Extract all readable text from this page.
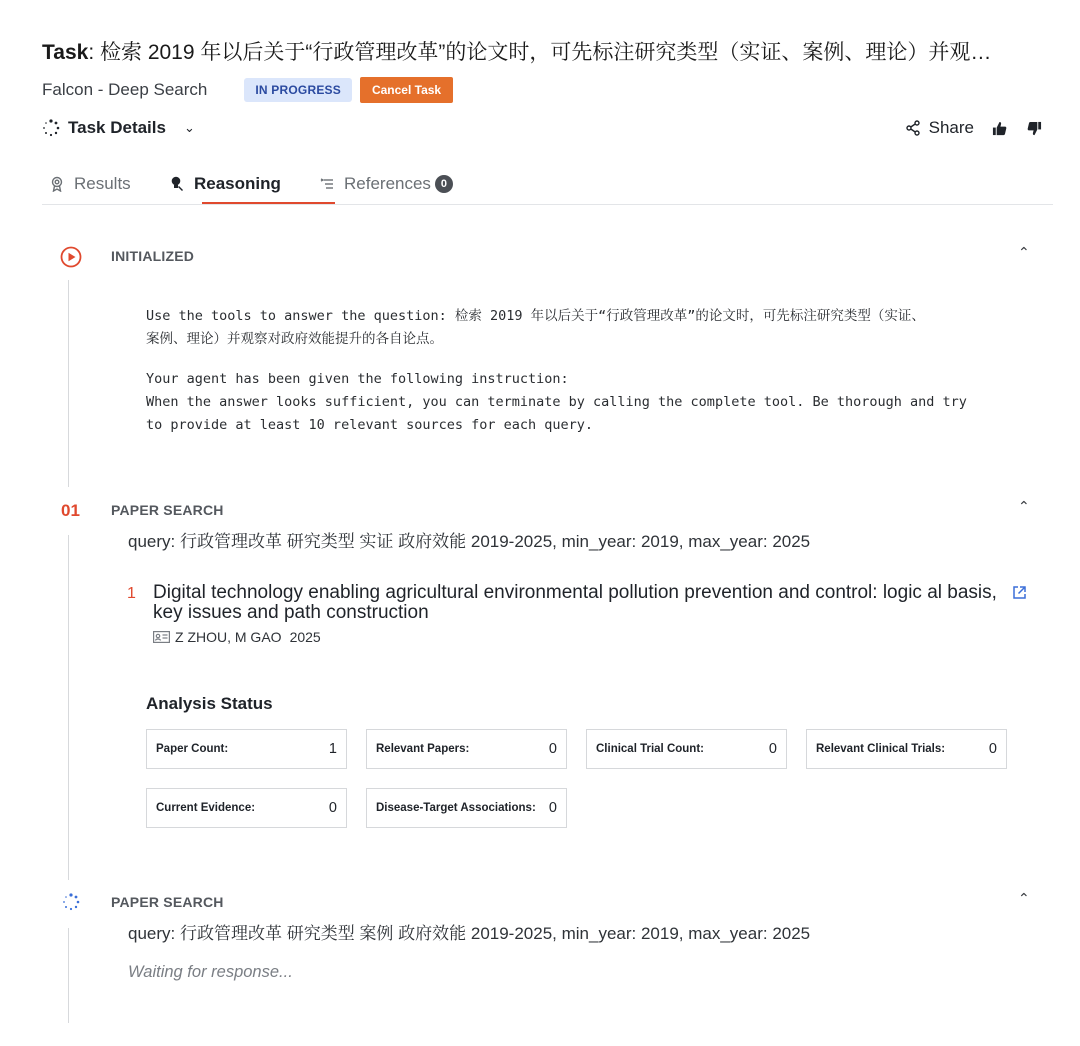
Task: 检索 2019 年以后关于“行政管理改革”的论文时，可先标注研究类型（实证、案例、理论）并观…
Falcon - Deep Search	IN PROGRESS	Cancel Task
Task Details ⌄	Share
Results	Reasoning	References 0
INITIALIZED	⌃
Use the tools to answer the question: 检索 2019 年以后关于“行政管理改革”的论文时，可先标注研究类型（实证、
案例、理论）并观察对政府效能提升的各自论点。
Your agent has been given the following instruction:
When the answer looks sufficient, you can terminate by calling the complete tool. Be thorough and try
to provide at least 10 relevant sources for each query.
01 PAPER SEARCH	⌃
query: 行政管理改革 研究类型 实证 政府效能 2019-2025, min_year: 2019, max_year: 2025
1 Digital technology enabling agricultural environmental pollution prevention and control: logic al basis, key issues and path construction
Z ZHOU, M GAO 2025
Analysis Status
Paper Count:	1	Relevant Papers:	0	Clinical Trial Count:	0	Relevant Clinical Trials:	0
Current Evidence:	0	Disease-Target Associations: 0
PAPER SEARCH	⌃
query: 行政管理改革 研究类型 案例 政府效能 2019-2025, min_year: 2019, max_year: 2025
Waiting for response...
